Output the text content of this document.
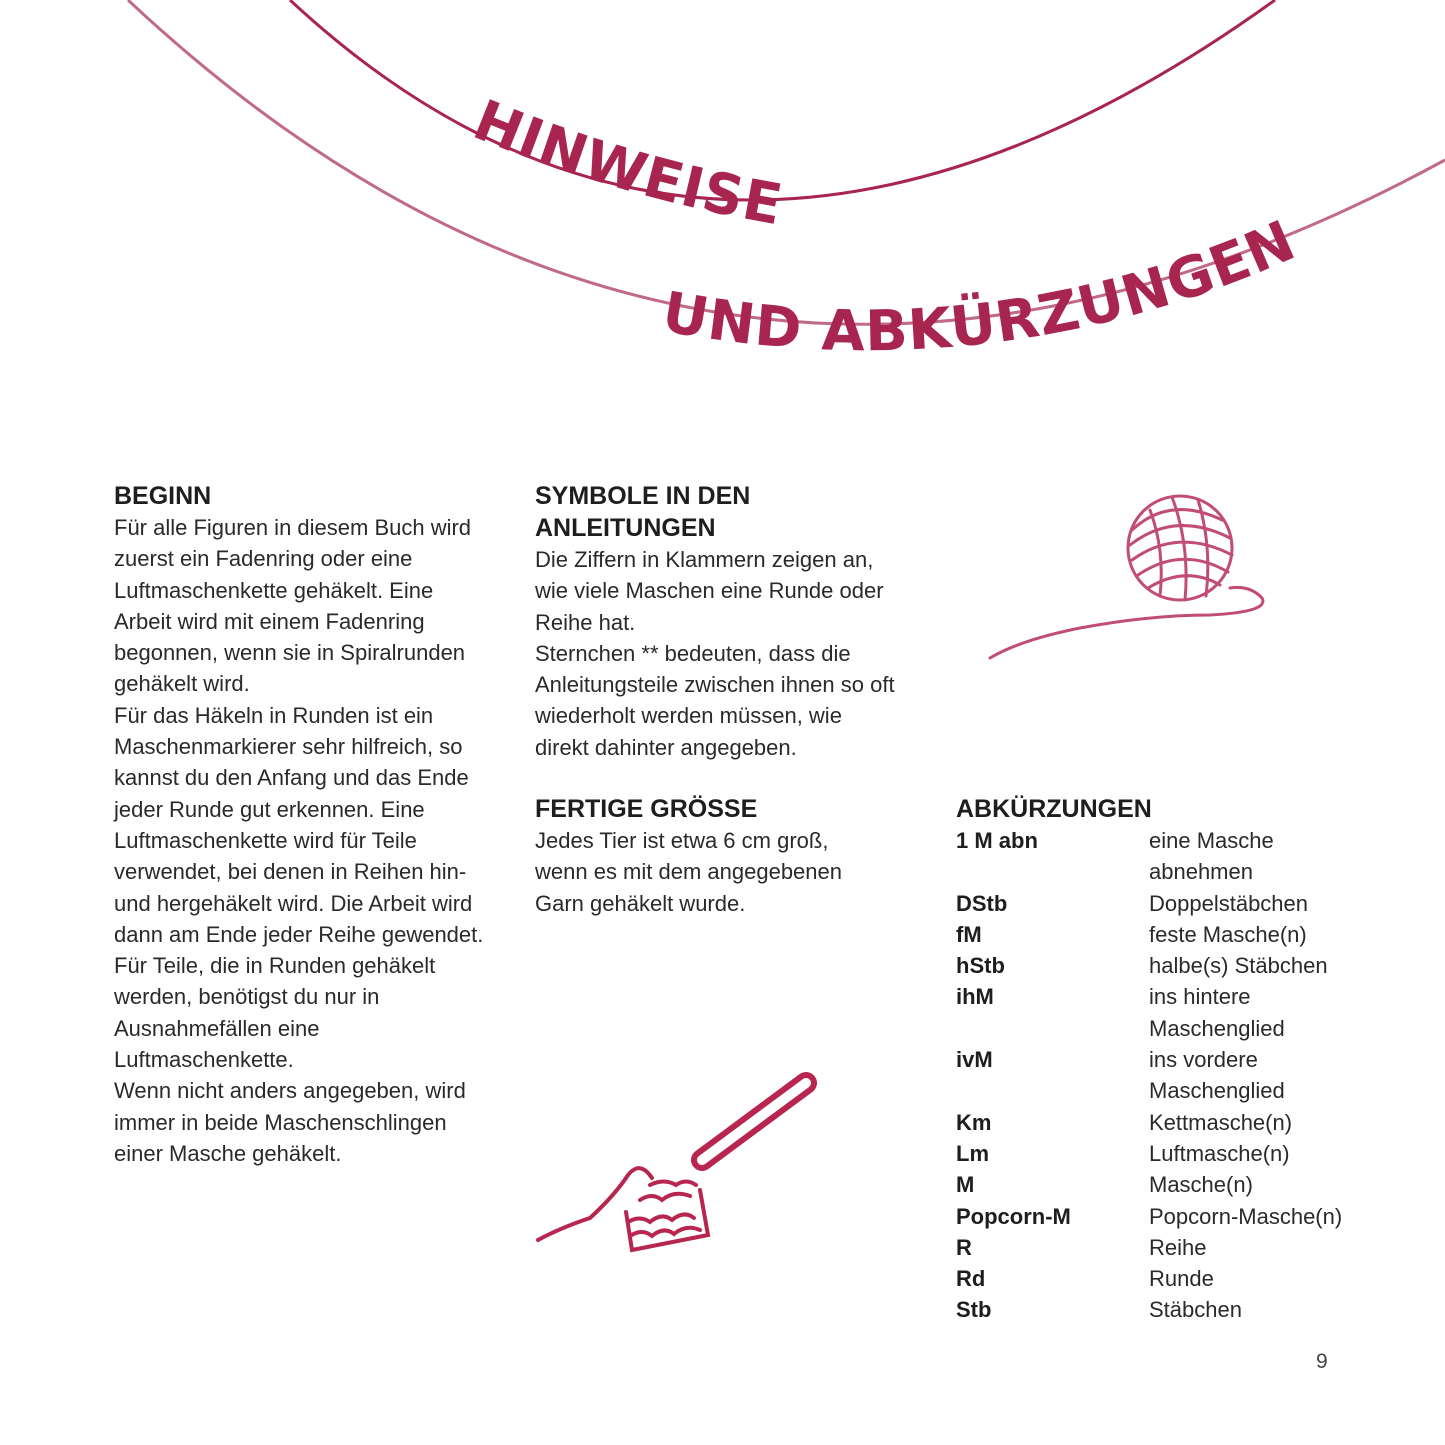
HINWEISE
UND ABKÜRZUNGEN
BEGINN

Für alle Figuren in diesem Buch wird zuerst ein Fadenring oder eine Luftmaschenkette gehäkelt. Eine Arbeit wird mit einem Fadenring begonnen, wenn sie in Spiralrunden gehäkelt wird.

Für das Häkeln in Runden ist ein Maschenmarkierer sehr hilfreich, so kannst du den Anfang und das Ende jeder Runde gut erkennen. Eine Luftmaschenkette wird für Teile verwendet, bei denen in Reihen hin- und hergehäkelt wird. Die Arbeit wird dann am Ende jeder Reihe gewendet. Für Teile, die in Runden gehäkelt werden, benötigst du nur in Ausnahmefällen eine Luftmaschenkette.

Wenn nicht anders angegeben, wird immer in beide Maschenschlingen einer Masche gehäkelt.

SYMBOLE IN DEN ANLEITUNGEN

Die Ziffern in Klammern zeigen an, wie viele Maschen eine Runde oder Reihe hat.

Sternchen ** bedeuten, dass die Anleitungsteile zwischen ihnen so oft wiederholt werden müssen, wie direkt dahinter angegeben.

FERTIGE GRÖSSE

Jedes Tier ist etwa 6 cm groß, wenn es mit dem angegebenen Garn gehäkelt wurde.

ABKÜRZUNGEN
1 M abn	eine Masche abnehmen
DStb	Doppelstäbchen
fM	feste Masche(n)
hStb	halbe(s) Stäbchen
ihM	ins hintere Maschenglied
ivM	ins vordere Maschenglied
Km	Kettmasche(n)
Lm	Luftmasche(n)
M	Masche(n)
Popcorn-M	Popcorn-Masche(n)
R	Reihe
Rd	Runde
Stb	Stäbchen
9
